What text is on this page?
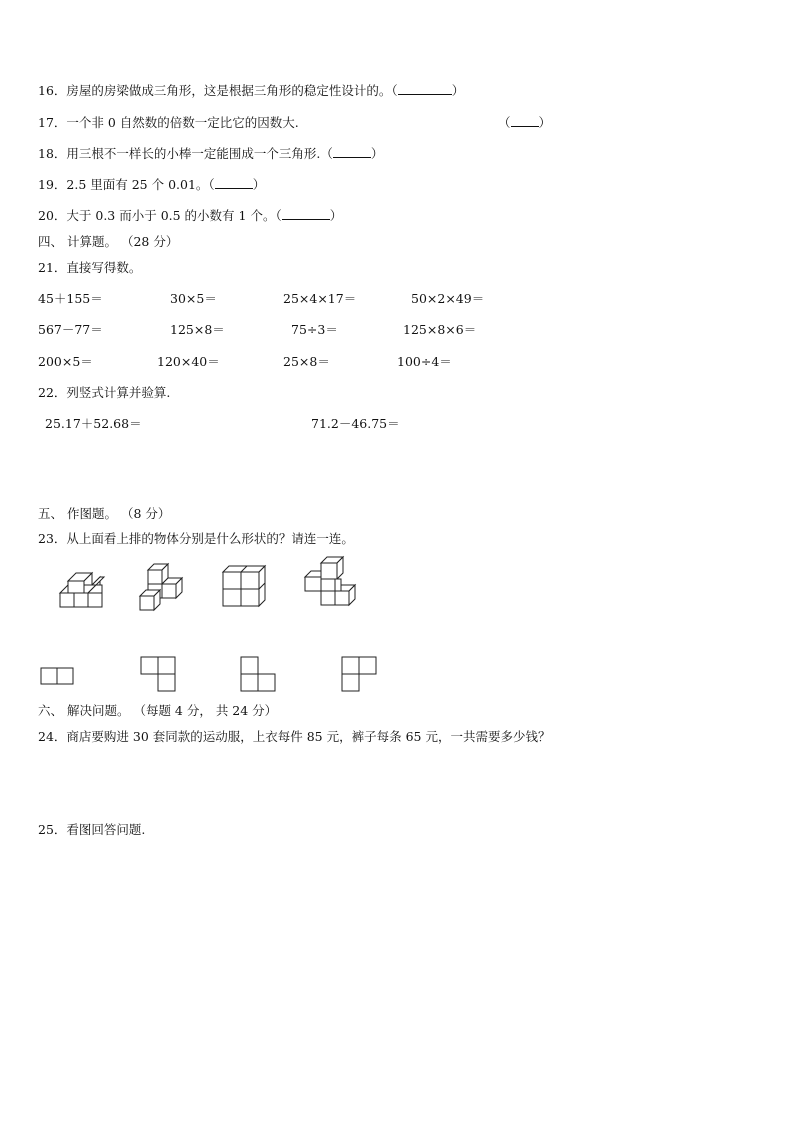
16．房屋的房梁做成三角形，这是根据三角形的稳定性设计的。（	）
17．一个非 0 自然数的倍数一定比它的因数大.	（ ）
18．用三根不一样长的小棒一定能围成一个三角形.（	）
19．2.5 里面有 25 个 0.01。（	）
20．大于 0.3 而小于 0.5 的小数有 1 个。（	）
四、 计算题。 （28 分）
21．直接写得数。
45＋155＝	30×5＝	25×4×17＝	50×2×49＝
567－77＝	125×8＝	75÷3＝	125×8×6＝
200×5＝	120×40＝	25×8＝	100÷4＝
22．列竖式计算并验算.
25.17＋52.68＝	71.2－46.75＝
五、 作图题。 （8 分）
23．从上面看上排的物体分别是什么形状的？请连一连。
六、 解决问题。 （每题 4 分， 共 24 分）
24．商店要购进 30 套同款的运动服，上衣每件 85 元，裤子每条 65 元，一共需要多少钱？
25．看图回答问题.
